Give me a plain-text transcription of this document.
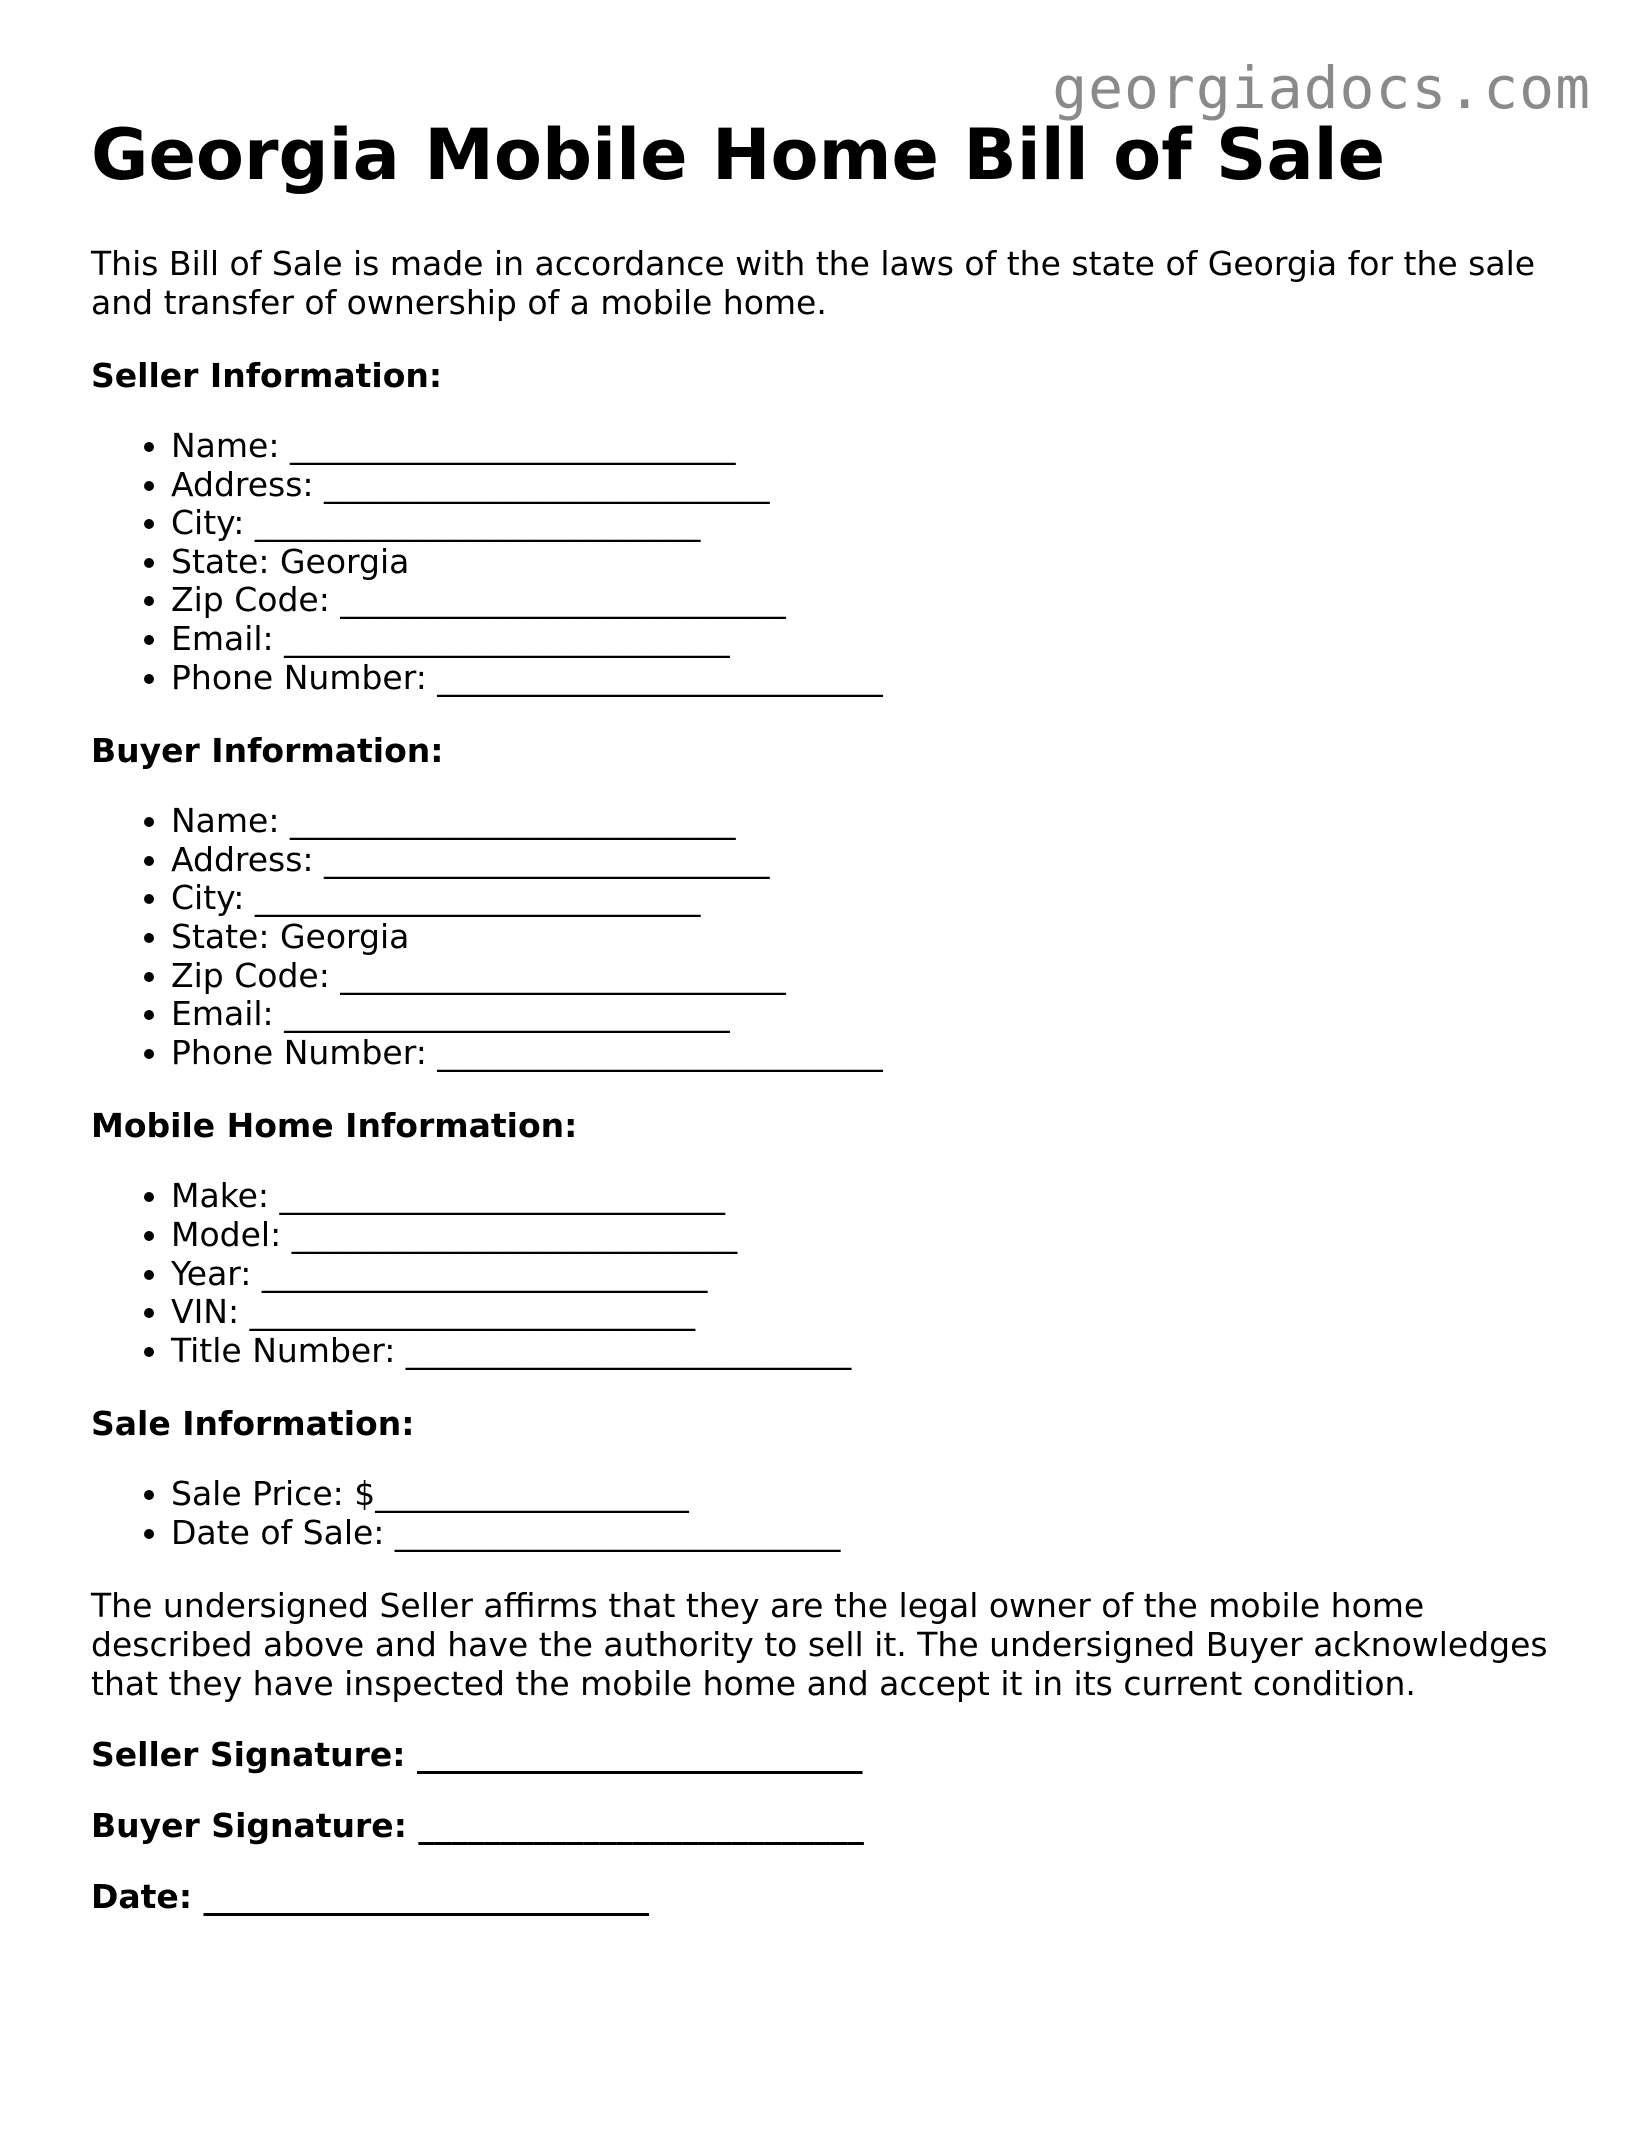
georgiadocs.com
Georgia Mobile Home Bill of Sale

This Bill of Sale is made in accordance with the laws of the state of Georgia for the sale and transfer of ownership of a mobile home.

Seller Information:

• Name: ___________________________
• Address: ___________________________
• City: ___________________________
• State: Georgia
• Zip Code: ___________________________
• Email: ___________________________
• Phone Number: ___________________________

Buyer Information:

• Name: ___________________________
• Address: ___________________________
• City: ___________________________
• State: Georgia
• Zip Code: ___________________________
• Email: ___________________________
• Phone Number: ___________________________

Mobile Home Information:

• Make: ___________________________
• Model: ___________________________
• Year: ___________________________
• VIN: ___________________________
• Title Number: ___________________________

Sale Information:

• Sale Price: $___________________
• Date of Sale: ___________________________

The undersigned Seller affirms that they are the legal owner of the mobile home described above and have the authority to sell it. The undersigned Buyer acknowledges that they have inspected the mobile home and accept it in its current condition.

Seller Signature: ___________________________

Buyer Signature: ___________________________

Date: ___________________________
